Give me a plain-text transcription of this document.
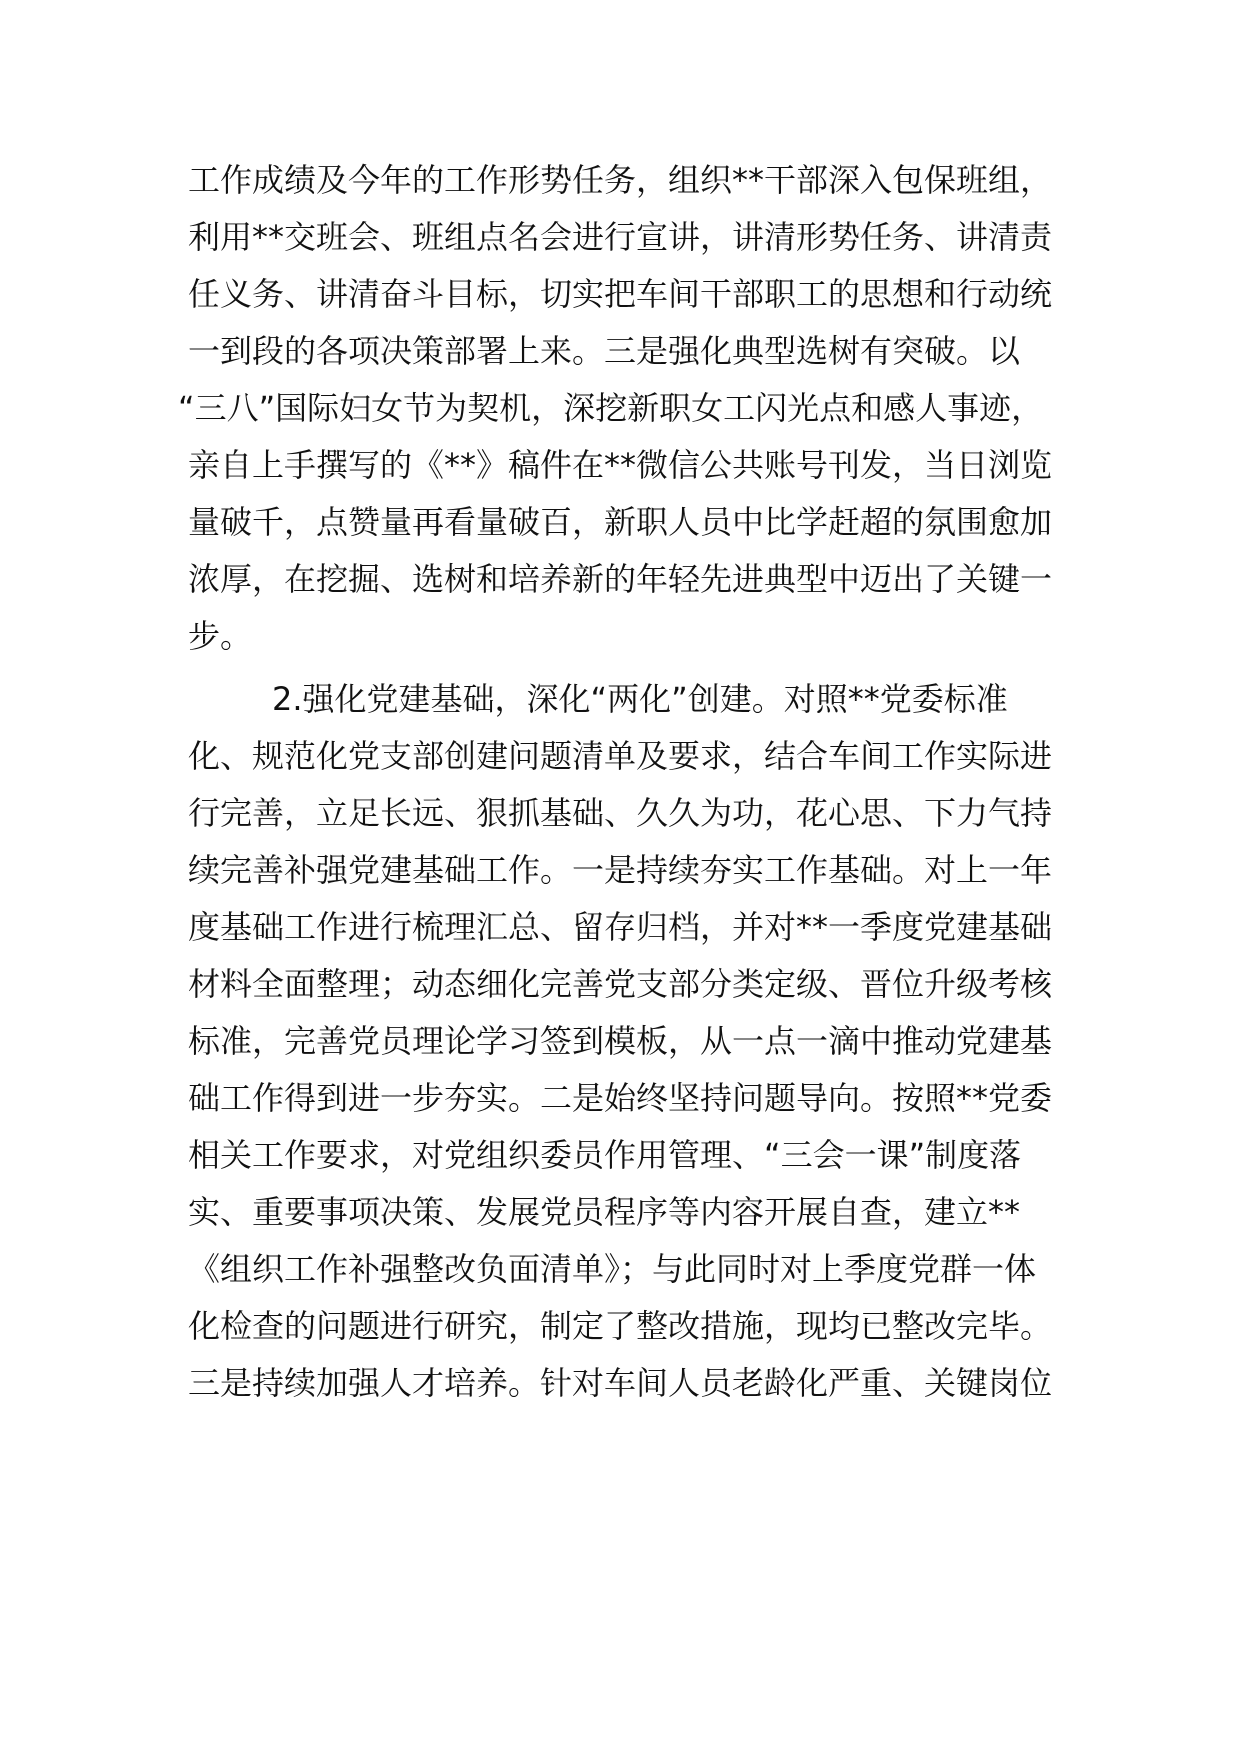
工作成绩及今年的工作形势任务，组织**干部深入包保班组，
利用**交班会、班组点名会进行宣讲，讲清形势任务、讲清责
任义务、讲清奋斗目标，切实把车间干部职工的思想和行动统
一到段的各项决策部署上来。三是强化典型选树有突破。以
“三八”国际妇女节为契机，深挖新职女工闪光点和感人事迹，
亲自上手撰写的《**》稿件在**微信公共账号刊发，当日浏览
量破千，点赞量再看量破百，新职人员中比学赶超的氛围愈加
浓厚，在挖掘、选树和培养新的年轻先进典型中迈出了关键一
步。
2.强化党建基础，深化“两化”创建。对照**党委标准
化、规范化党支部创建问题清单及要求，结合车间工作实际进
行完善，立足长远、狠抓基础、久久为功，花心思、下力气持
续完善补强党建基础工作。一是持续夯实工作基础。对上一年
度基础工作进行梳理汇总、留存归档，并对**一季度党建基础
材料全面整理；动态细化完善党支部分类定级、晋位升级考核
标准，完善党员理论学习签到模板，从一点一滴中推动党建基
础工作得到进一步夯实。二是始终坚持问题导向。按照**党委
相关工作要求，对党组织委员作用管理、“三会一课”制度落
实、重要事项决策、发展党员程序等内容开展自查，建立**
《组织工作补强整改负面清单》；与此同时对上季度党群一体
化检查的问题进行研究，制定了整改措施，现均已整改完毕。
三是持续加强人才培养。针对车间人员老龄化严重、关键岗位
